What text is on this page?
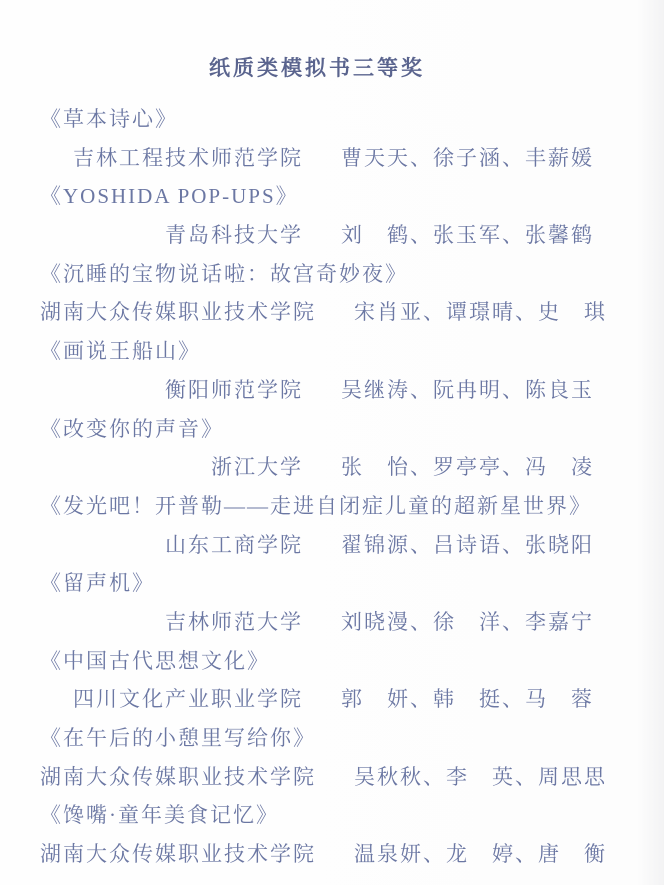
纸质类模拟书三等奖
《草本诗心》
吉林工程技术师范学院 曹天天、徐子涵、丰薪媛
《YOSHIDA POP-UPS》
青岛科技大学 刘　鹤、张玉军、张馨鹤
《沉睡的宝物说话啦：故宫奇妙夜》
湖南大众传媒职业技术学院 宋肖亚、谭璟晴、史　琪
《画说王船山》
衡阳师范学院 吴继涛、阮冉明、陈良玉
《改变你的声音》
浙江大学 张　怡、罗亭亭、冯　凌
《发光吧！开普勒——走进自闭症儿童的超新星世界》
山东工商学院 翟锦源、吕诗语、张晓阳
《留声机》
吉林师范大学 刘晓漫、徐　洋、李嘉宁
《中国古代思想文化》
四川文化产业职业学院 郭　妍、韩　挺、马　蓉
《在午后的小憩里写给你》
湖南大众传媒职业技术学院 吴秋秋、李　英、周思思
《馋嘴·童年美食记忆》
湖南大众传媒职业技术学院 温泉妍、龙　婷、唐　衡
